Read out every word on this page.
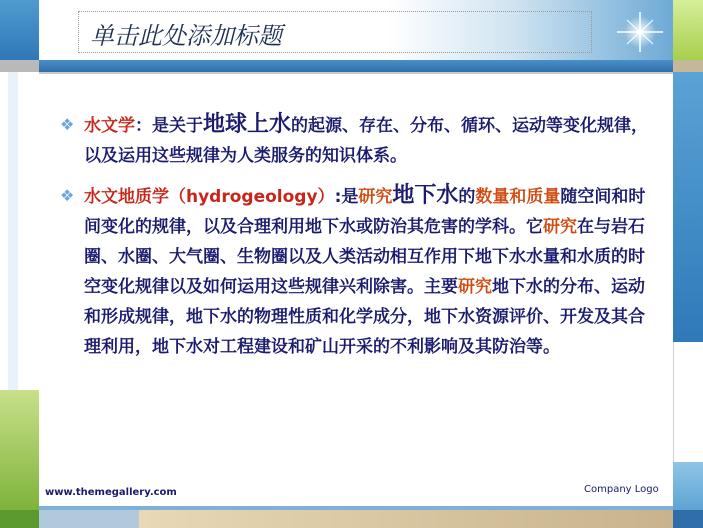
单击此处添加标题
❖ 水文学：是关于地球上水的起源、存在、分布、循环、运动等变化规律，以及运用这些规律为人类服务的知识体系。
❖ 水文地质学（hydrogeology）:是研究地下水的数量和质量随空间和时间变化的规律，以及合理利用地下水或防治其危害的学科。它研究在与岩石圈、水圈、大气圈、生物圈以及人类活动相互作用下地下水水量和水质的时空变化规律以及如何运用这些规律兴利除害。主要研究地下水的分布、运动和形成规律，地下水的物理性质和化学成分，地下水资源评价、开发及其合理利用，地下水对工程建设和矿山开采的不利影响及其防治等。
www.themegallery.com	Company Logo
